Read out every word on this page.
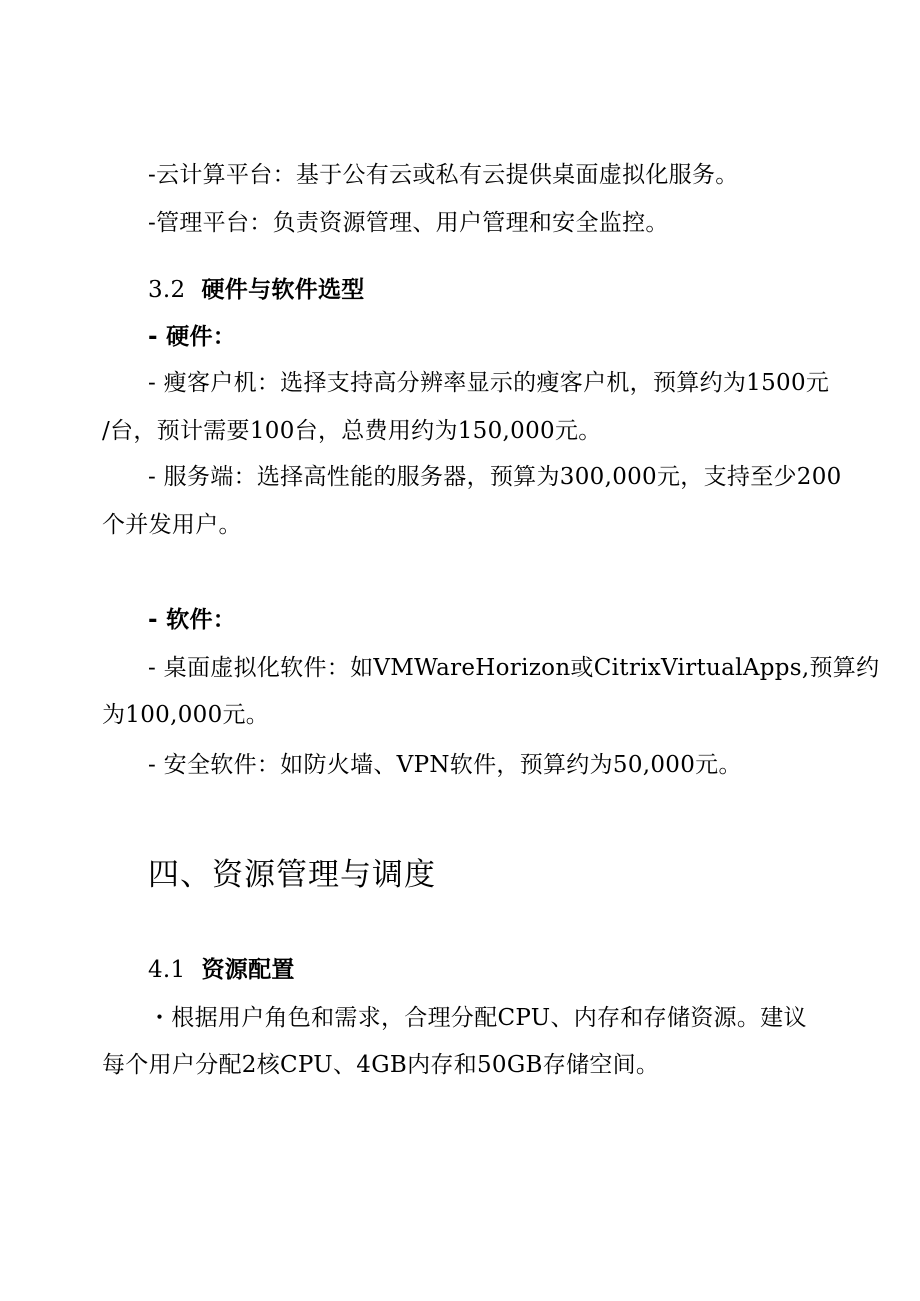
-云计算平台：基于公有云或私有云提供桌面虚拟化服务。
-管理平台：负责资源管理、用户管理和安全监控。
3.2 硬件与软件选型
- 硬件：
- 瘦客户机：选择支持高分辨率显示的瘦客户机，预算约为1500元
/台，预计需要100台，总费用约为150,000元。
- 服务端：选择高性能的服务器，预算为300,000元，支持至少200
个并发用户。
- 软件：
- 桌面虚拟化软件：如VMWareHorizon或CitrixVirtualApps,预算约
为100,000元。
- 安全软件：如防火墙、VPN软件，预算约为50,000元。
四、资源管理与调度
4.1 资源配置
・根据用户角色和需求，合理分配CPU、内存和存储资源。建议
每个用户分配2核CPU、4GB内存和50GB存储空间。
